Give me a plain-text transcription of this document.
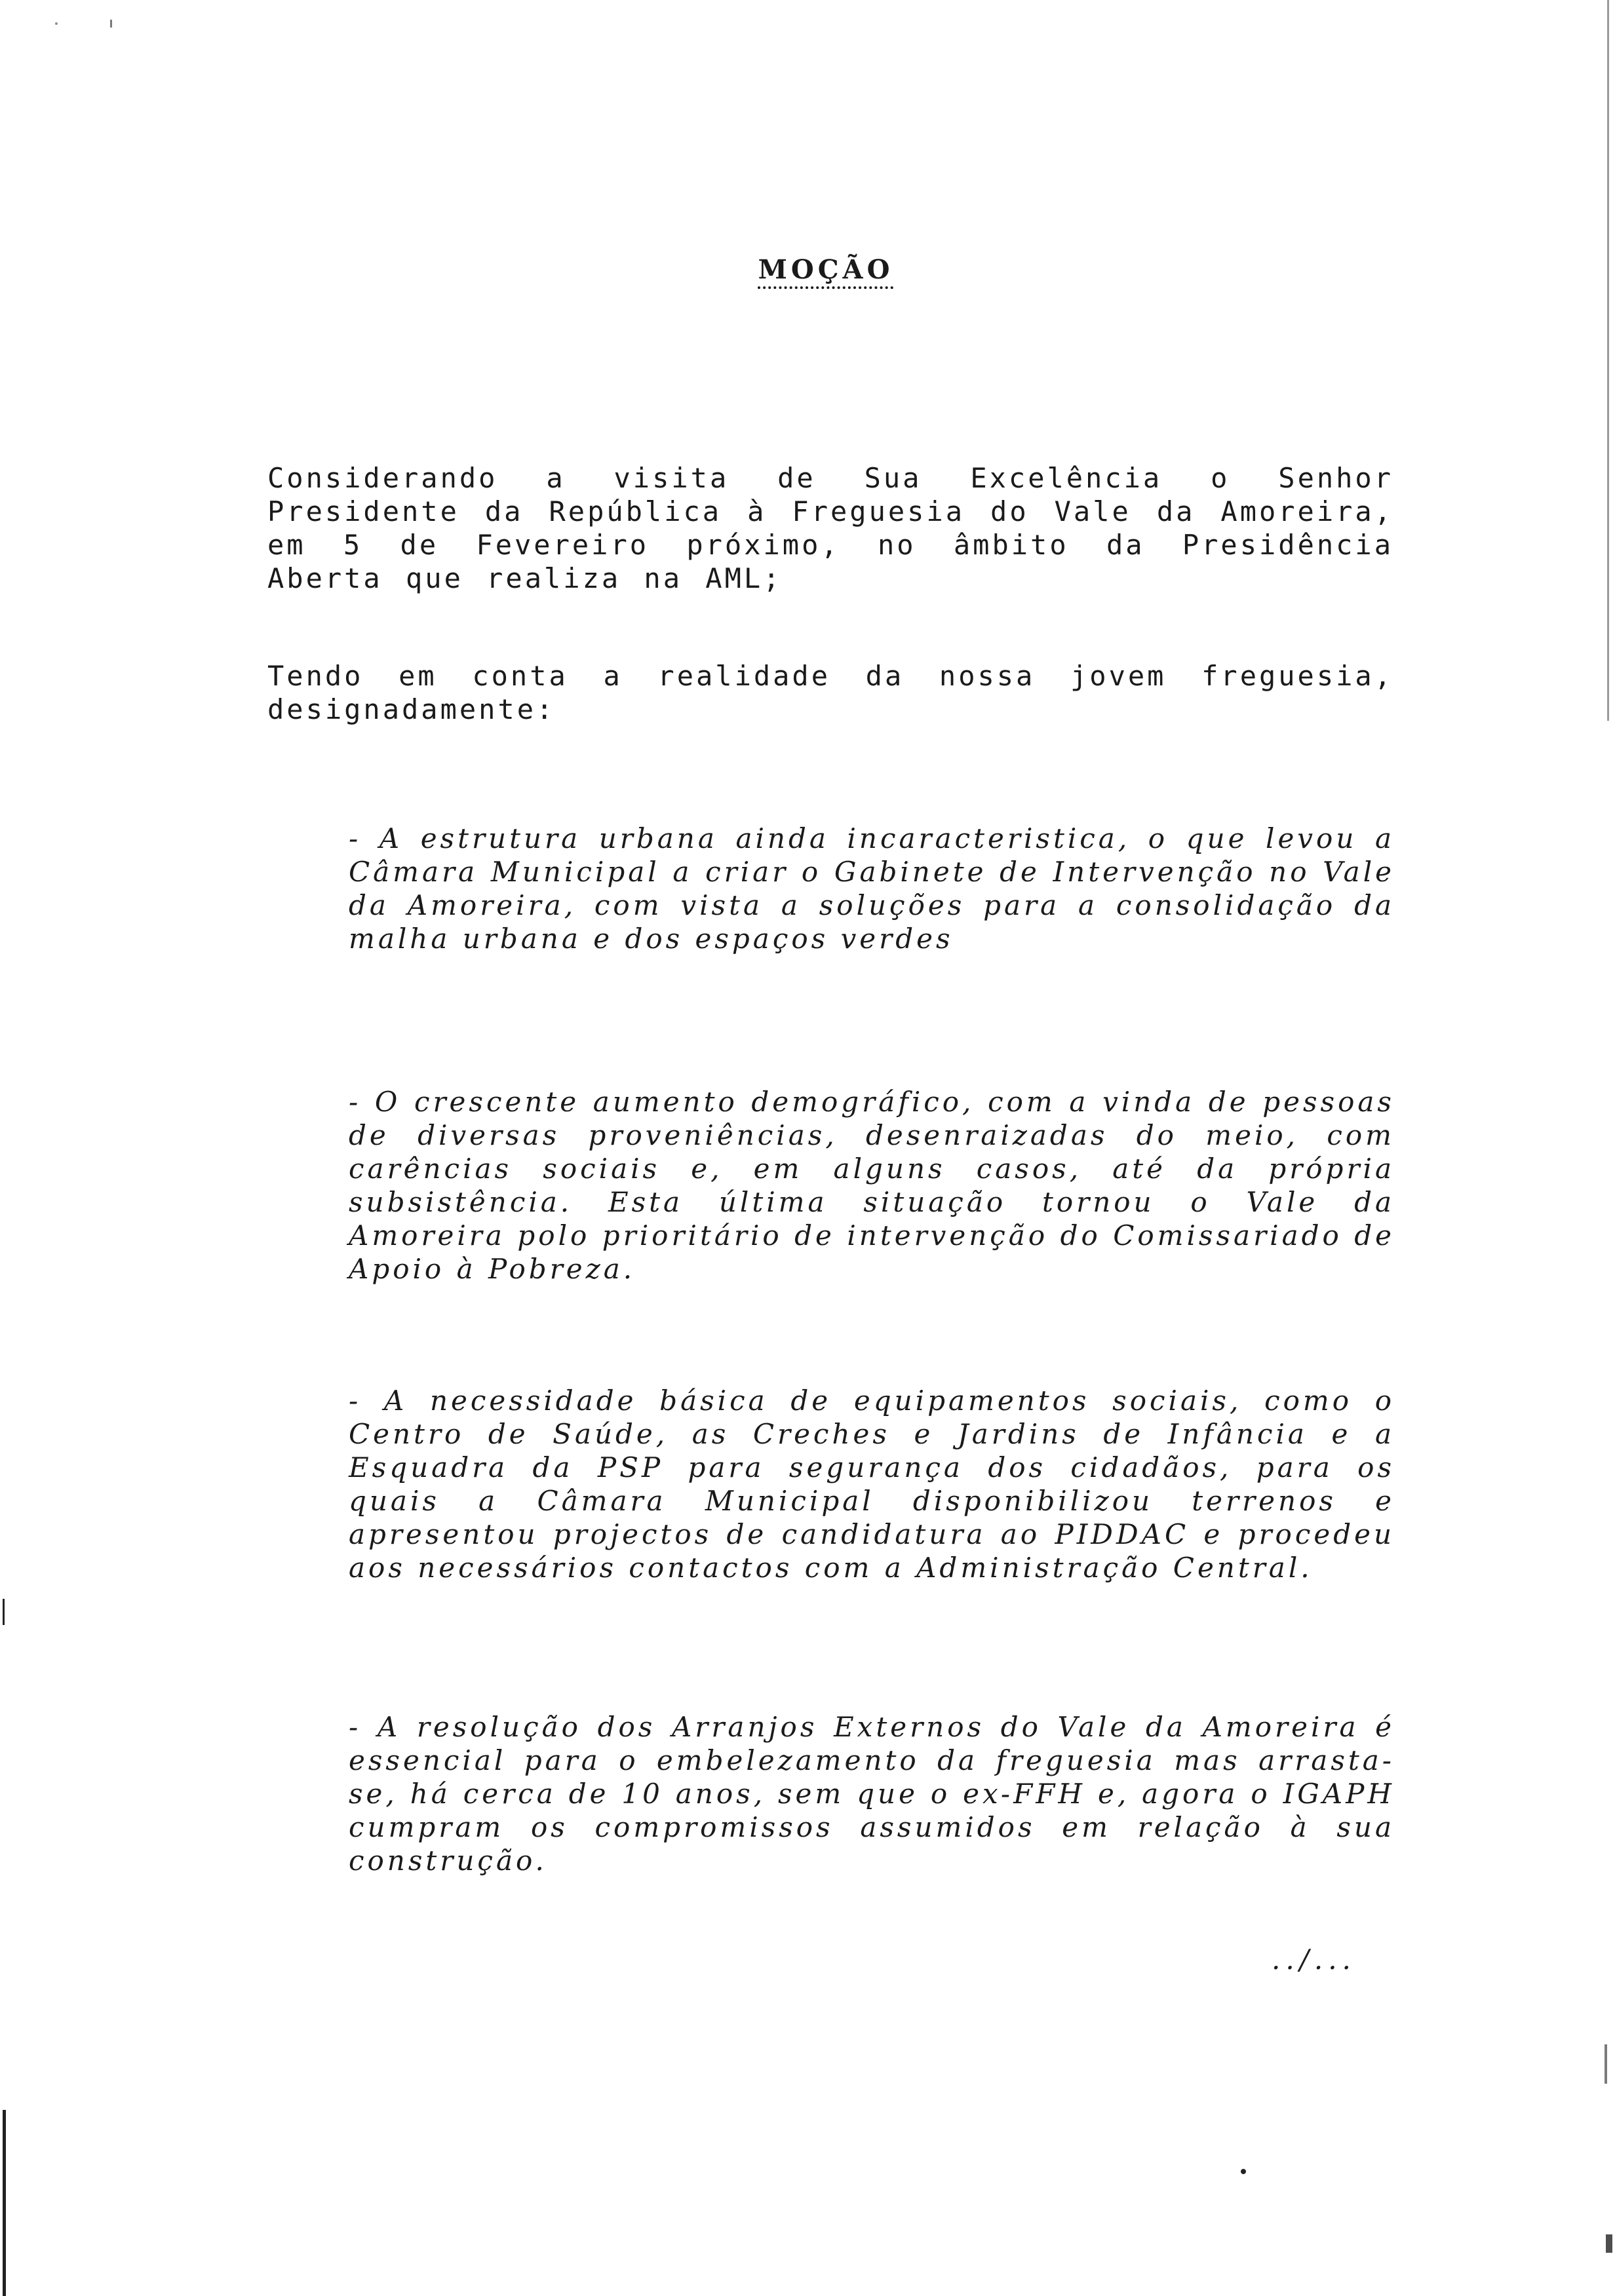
MOÇÃO
Considerando a visita de Sua Excelência o Senhor Presidente da República à Freguesia do Vale da Amoreira, em 5 de Fevereiro próximo, no âmbito da Presidência Aberta que realiza na AML;
Tendo em conta a realidade da nossa jovem freguesia, designadamente:
- A estrutura urbana ainda incaracteristica, o que levou a Câmara Municipal a criar o Gabinete de Intervenção no Vale da Amoreira, com vista a soluções para a consolidação da malha urbana e dos espaços verdes
- O crescente aumento demográfico, com a vinda de pessoas de diversas proveniências, desenraizadas do meio, com carências sociais e, em alguns casos, até da própria subsistência. Esta última situação tornou o Vale da Amoreira polo prioritário de intervenção do Comissariado de Apoio à Pobreza.
- A necessidade básica de equipamentos sociais, como o Centro de Saúde, as Creches e Jardins de Infância e a Esquadra da PSP para segurança dos cidadãos, para os quais a Câmara Municipal disponibilizou terrenos e apresentou projectos de candidatura ao PIDDAC e procedeu aos necessários contactos com a Administração Central.
- A resolução dos Arranjos Externos do Vale da Amoreira é essencial para o embelezamento da freguesia mas arrasta-se, há cerca de 10 anos, sem que o ex-FFH e, agora o IGAPH cumpram os compromissos assumidos em relação à sua construção.
../...
